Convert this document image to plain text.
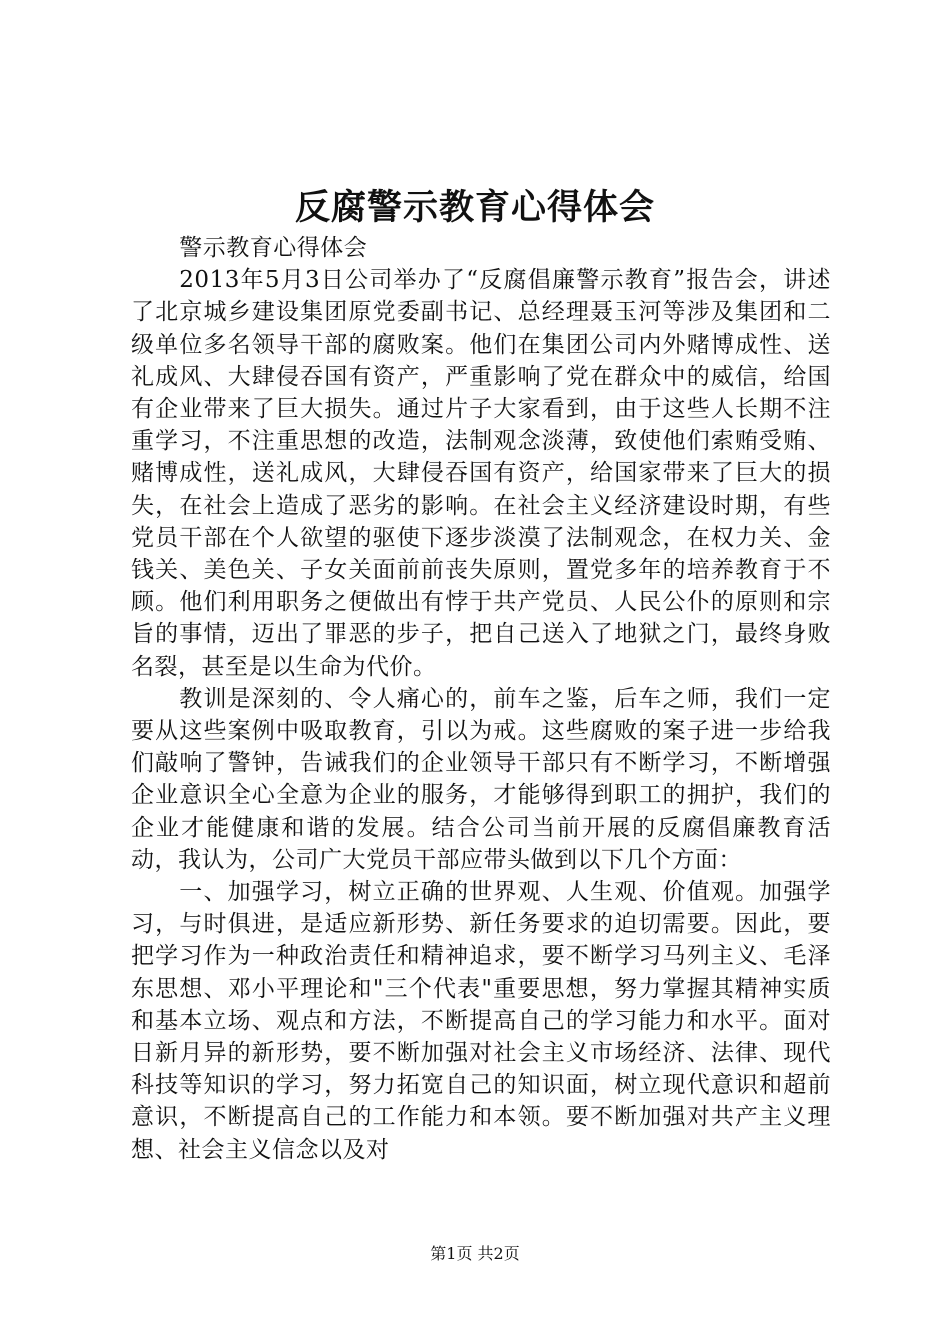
反腐警示教育心得体会

警示教育心得体会

2013年5月3日公司举办了“反腐倡廉警示教育”报告会，讲述了北京城乡建设集团原党委副书记、总经理聂玉河等涉及集团和二级单位多名领导干部的腐败案。他们在集团公司内外赌博成性、送礼成风、大肆侵吞国有资产，严重影响了党在群众中的威信，给国有企业带来了巨大损失。通过片子大家看到，由于这些人长期不注重学习，不注重思想的改造，法制观念淡薄，致使他们索贿受贿、赌博成性，送礼成风，大肆侵吞国有资产，给国家带来了巨大的损失，在社会上造成了恶劣的影响。在社会主义经济建设时期，有些党员干部在个人欲望的驱使下逐步淡漠了法制观念，在权力关、金钱关、美色关、子女关面前前丧失原则，置党多年的培养教育于不顾。他们利用职务之便做出有悖于共产党员、人民公仆的原则和宗旨的事情，迈出了罪恶的步子，把自己送入了地狱之门，最终身败名裂，甚至是以生命为代价。

教训是深刻的、令人痛心的，前车之鉴，后车之师，我们一定要从这些案例中吸取教育，引以为戒。这些腐败的案子进一步给我们敲响了警钟，告诫我们的企业领导干部只有不断学习，不断增强企业意识全心全意为企业的服务，才能够得到职工的拥护，我们的企业才能健康和谐的发展。结合公司当前开展的反腐倡廉教育活动，我认为，公司广大党员干部应带头做到以下几个方面：

一、加强学习，树立正确的世界观、人生观、价值观。加强学习，与时俱进，是适应新形势、新任务要求的迫切需要。因此，要把学习作为一种政治责任和精神追求，要不断学习马列主义、毛泽东思想、邓小平理论和"三个代表"重要思想，努力掌握其精神实质和基本立场、观点和方法，不断提高自己的学习能力和水平。面对日新月异的新形势，要不断加强对社会主义市场经济、法律、现代科技等知识的学习，努力拓宽自己的知识面，树立现代意识和超前意识，不断提高自己的工作能力和本领。要不断加强对共产主义理想、社会主义信念以及对

第1页 共2页
